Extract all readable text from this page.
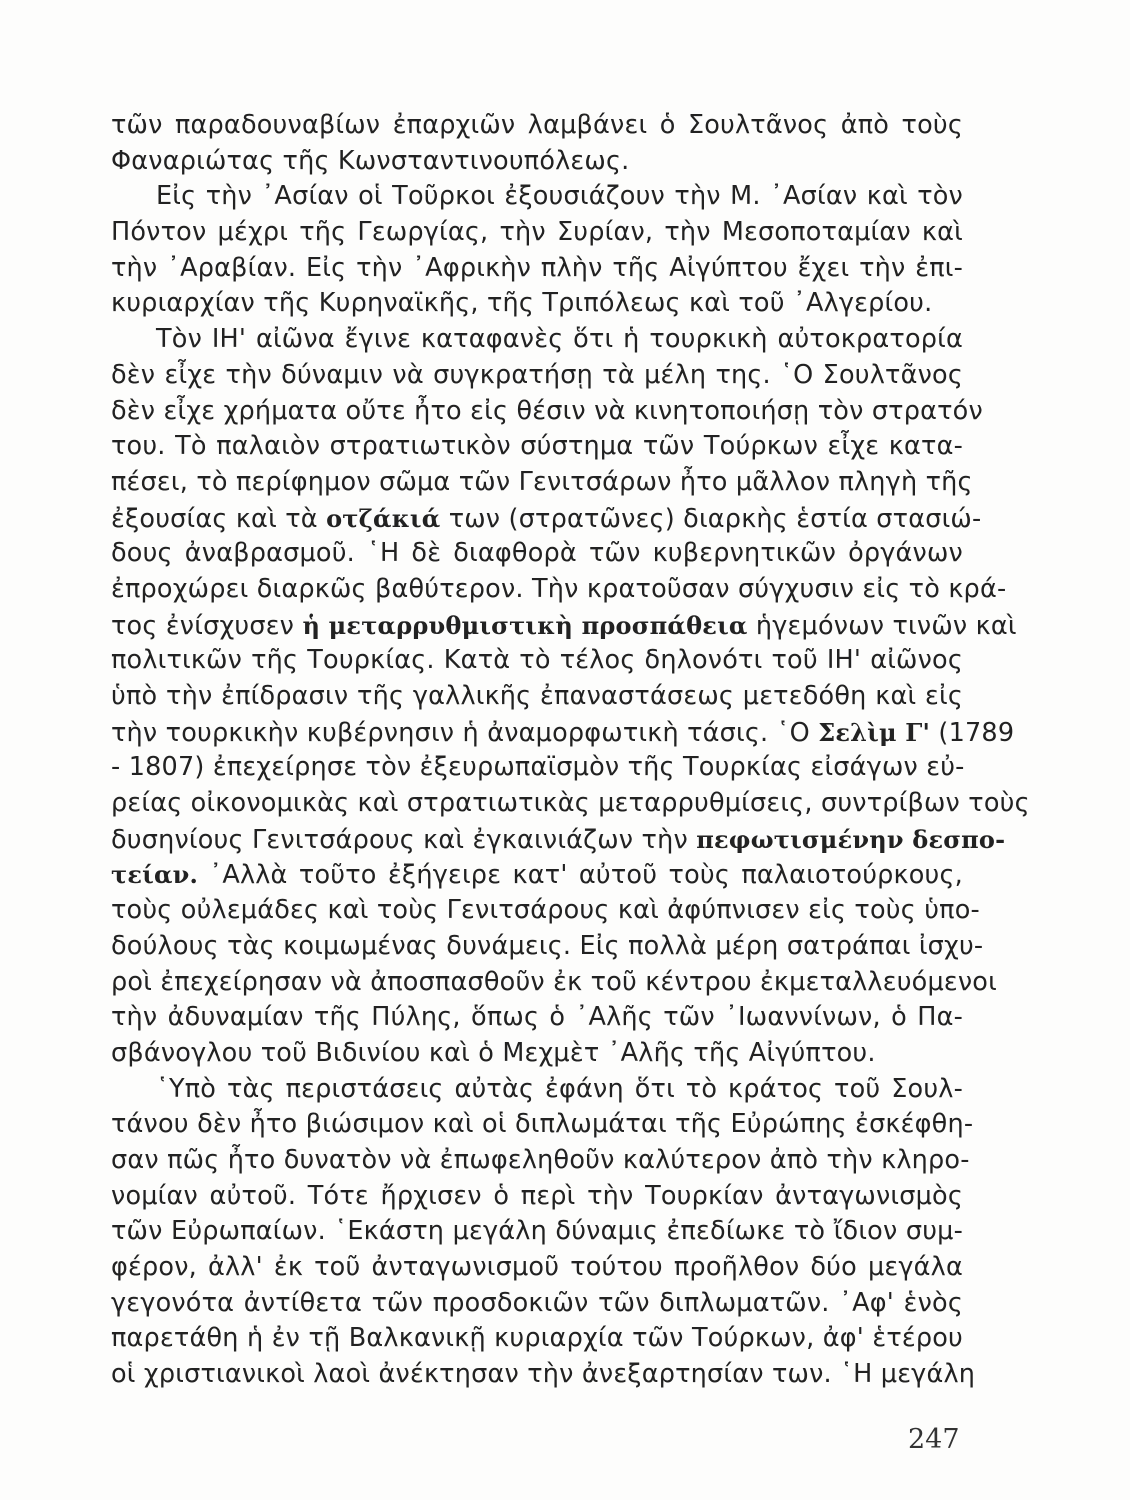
τῶν παραδουναβίων ἐπαρχιῶν λαμβάνει ὁ Σουλτᾶνος ἀπὸ τοὺς
Φαναριώτας τῆς Κωνσταντινουπόλεως.
Εἰς τὴν ᾿Ασίαν οἱ Τοῦρκοι ἐξουσιάζουν τὴν Μ. ᾿Ασίαν καὶ τὸν
Πόντον μέχρι τῆς Γεωργίας, τὴν Συρίαν, τὴν Μεσοποταμίαν καὶ
τὴν ᾿Αραβίαν. Εἰς τὴν ᾿Αφρικὴν πλὴν τῆς Αἰγύπτου ἔχει τὴν ἐπι-
κυριαρχίαν τῆς Κυρηναϊκῆς, τῆς Τριπόλεως καὶ τοῦ ᾿Αλγερίου.
Τὸν ΙΗ' αἰῶνα ἔγινε καταφανὲς ὅτι ἡ τουρκικὴ αὐτοκρατορία
δὲν εἶχε τὴν δύναμιν νὰ συγκρατήσῃ τὰ μέλη της. ῾Ο Σουλτᾶνος
δὲν εἶχε χρήματα οὔτε ἦτο εἰς θέσιν νὰ κινητοποιήσῃ τὸν στρατόν
του. Τὸ παλαιὸν στρατιωτικὸν σύστημα τῶν Τούρκων εἶχε κατα-
πέσει, τὸ περίφημον σῶμα τῶν Γενιτσάρων ἦτο μᾶλλον πληγὴ τῆς
ἐξουσίας καὶ τὰ οτζάκιά των (στρατῶνες) διαρκὴς ἑστία στασιώ-
δους ἀναβρασμοῦ. ῾Η δὲ διαφθορὰ τῶν κυβερνητικῶν ὀργάνων
ἐπροχώρει διαρκῶς βαθύτερον. Τὴν κρατοῦσαν σύγχυσιν εἰς τὸ κρά-
τος ἐνίσχυσεν ἡ μεταρρυθμιστικὴ προσπάθεια ἡγεμόνων τινῶν καὶ
πολιτικῶν τῆς Τουρκίας. Κατὰ τὸ τέλος δηλονότι τοῦ ΙΗ' αἰῶνος
ὑπὸ τὴν ἐπίδρασιν τῆς γαλλικῆς ἐπαναστάσεως μετεδόθη καὶ εἰς
τὴν τουρκικὴν κυβέρνησιν ἡ ἀναμορφωτικὴ τάσις. ῾Ο Σελὶμ Γ' (1789
- 1807) ἐπεχείρησε τὸν ἐξευρωπαϊσμὸν τῆς Τουρκίας εἰσάγων εὐ-
ρείας οἰκονομικὰς καὶ στρατιωτικὰς μεταρρυθμίσεις, συντρίβων τοὺς
δυσηνίους Γενιτσάρους καὶ ἐγκαινιάζων τὴν πεφωτισμένην δεσπο-
τείαν. ᾿Αλλὰ τοῦτο ἐξήγειρε κατ' αὐτοῦ τοὺς παλαιοτούρκους,
τοὺς οὐλεμάδες καὶ τοὺς Γενιτσάρους καὶ ἀφύπνισεν εἰς τοὺς ὑπο-
δούλους τὰς κοιμωμένας δυνάμεις. Εἰς πολλὰ μέρη σατράπαι ἰσχυ-
ροὶ ἐπεχείρησαν νὰ ἀποσπασθοῦν ἐκ τοῦ κέντρου ἐκμεταλλευόμενοι
τὴν ἀδυναμίαν τῆς Πύλης, ὅπως ὁ ᾿Αλῆς τῶν ᾿Ιωαννίνων, ὁ Πα-
σβάνογλου τοῦ Βιδινίου καὶ ὁ Μεχμὲτ ᾿Αλῆς τῆς Αἰγύπτου.
῾Υπὸ τὰς περιστάσεις αὐτὰς ἐφάνη ὅτι τὸ κράτος τοῦ Σουλ-
τάνου δὲν ἦτο βιώσιμον καὶ οἱ διπλωμάται τῆς Εὐρώπης ἐσκέφθη-
σαν πῶς ἦτο δυνατὸν νὰ ἐπωφεληθοῦν καλύτερον ἀπὸ τὴν κληρο-
νομίαν αὐτοῦ. Τότε ἤρχισεν ὁ περὶ τὴν Τουρκίαν ἀνταγωνισμὸς
τῶν Εὐρωπαίων. ῾Εκάστη μεγάλη δύναμις ἐπεδίωκε τὸ ἴδιον συμ-
φέρον, ἀλλ' ἐκ τοῦ ἀνταγωνισμοῦ τούτου προῆλθον δύο μεγάλα
γεγονότα ἀντίθετα τῶν προσδοκιῶν τῶν διπλωματῶν. ᾿Αφ' ἑνὸς
παρετάθη ἡ ἐν τῇ Βαλκανικῇ κυριαρχία τῶν Τούρκων, ἀφ' ἑτέρου
οἱ χριστιανικοὶ λαοὶ ἀνέκτησαν τὴν ἀνεξαρτησίαν των. ῾Η μεγάλη
247
